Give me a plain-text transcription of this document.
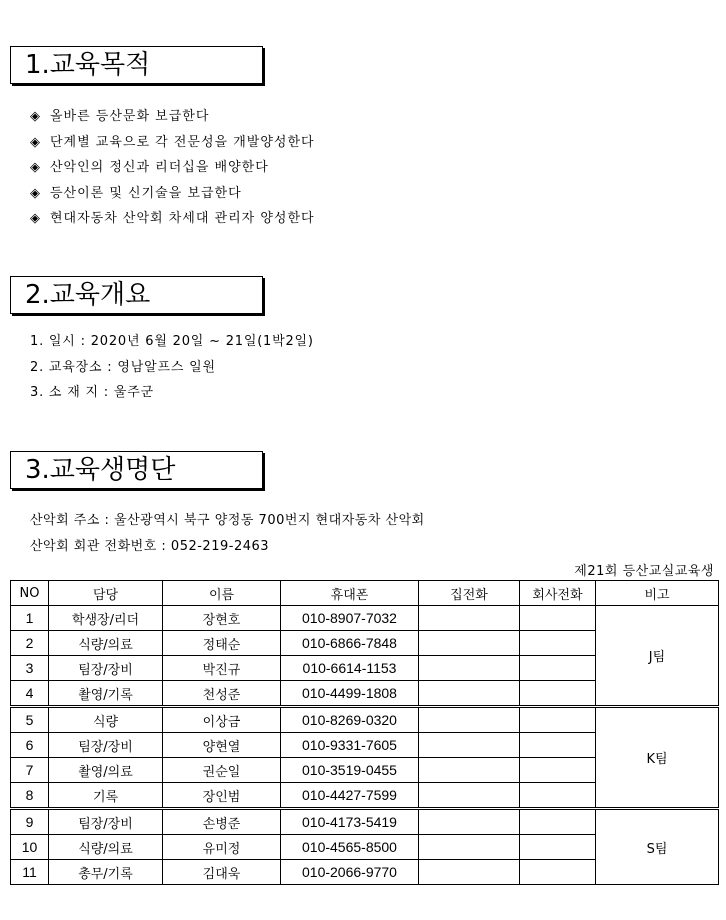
1.교육목적
◈ 올바른 등산문화 보급한다
◈ 단계별 교육으로 각 전문성을 개발양성한다
◈ 산악인의 정신과 리더십을 배양한다
◈ 등산이론 및 신기술을 보급한다
◈ 현대자동차 산악회 차세대 관리자 양성한다
2.교육개요
1. 일시 : 2020년 6월 20일 ~ 21일(1박2일)
2. 교육장소 : 영남알프스 일원
3. 소 재 지 : 울주군
3.교육생명단
산악회 주소 : 울산광역시 북구 양정동 700번지 현대자동차 산악회
산악회 회관 전화번호 : 052-219-2463
제21회 등산교실교육생
NO	담당	이름	휴대폰	집전화	회사전화	비고
1	학생장/리더	장현호	010-8907-7032			J팀
2	식량/의료	정태순	010-6866-7848			
3	팀장/장비	박진규	010-6614-1153			
4	촬영/기록	천성준	010-4499-1808			
5	식량	이상금	010-8269-0320			K팀
6	팀장/장비	양현열	010-9331-7605			
7	촬영/의료	권순일	010-3519-0455			
8	기록	장인범	010-4427-7599			
9	팀장/장비	손병준	010-4173-5419			S팀
10	식량/의료	유미정	010-4565-8500			
11	총무/기록	김대욱	010-2066-9770			
